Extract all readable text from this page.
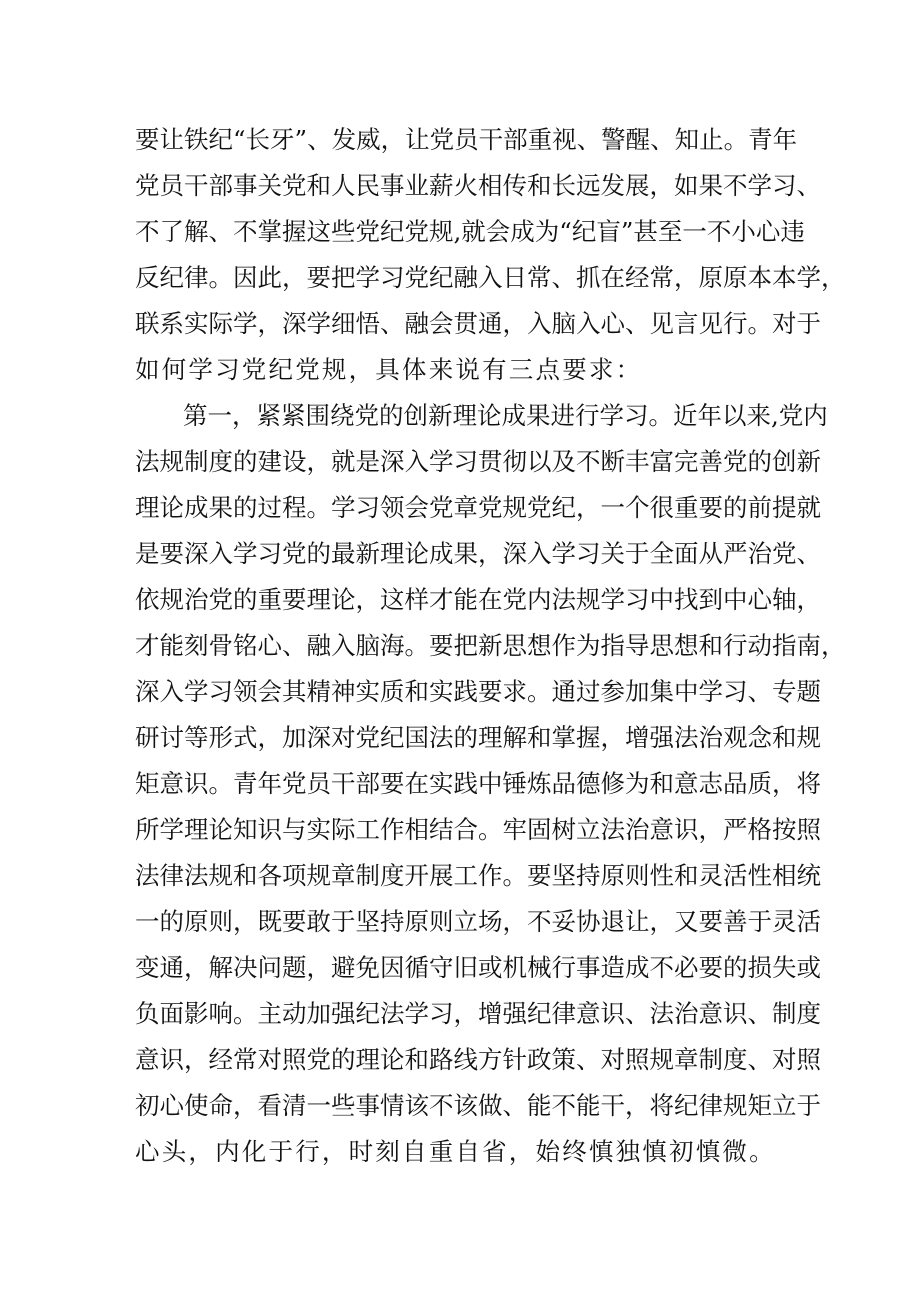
要 让 铁 纪 “ 长 牙 ” 、 发 威 ， 让 党 员 干 部 重 视 、 警 醒 、 知 止 。 青 年
党 员 干 部 事 关 党 和 人 民 事 业 薪 火 相 传 和 长 远 发 展 ， 如 果 不 学 习 、
不 了 解 、 不 掌 握 这 些 党 纪 党 规 , 就 会 成 为 “ 纪 盲 ” 甚 至 一 不 小 心 违
反 纪 律 。 因 此 ， 要 把 学 习 党 纪 融 入 日 常 、 抓 在 经 常 ， 原 原 本 本 学 ，
联 系 实 际 学 ， 深 学 细 悟 、 融 会 贯 通 ， 入 脑 入 心 、 见 言 见 行 。 对 于
如何学习党纪党规，具体来说有三点要求：
第 一 ， 紧 紧 围 绕 党 的 创 新 理 论 成 果 进 行 学 习 。 近 年 以 来 , 党 内
法 规 制 度 的 建 设 ， 就 是 深 入 学 习 贯 彻 以 及 不 断 丰 富 完 善 党 的 创 新
理 论 成 果 的 过 程 。 学 习 领 会 党 章 党 规 党 纪 ， 一 个 很 重 要 的 前 提 就
是 要 深 入 学 习 党 的 最 新 理 论 成 果 ， 深 入 学 习 关 于 全 面 从 严 治 党 、
依 规 治 党 的 重 要 理 论 ， 这 样 才 能 在 党 内 法 规 学 习 中 找 到 中 心 轴 ，
才 能 刻 骨 铭 心 、 融 入 脑 海 。 要 把 新 思 想 作 为 指 导 思 想 和 行 动 指 南 ，
深 入 学 习 领 会 其 精 神 实 质 和 实 践 要 求 。 通 过 参 加 集 中 学 习 、 专 题
研 讨 等 形 式 ， 加 深 对 党 纪 国 法 的 理 解 和 掌 握 ， 增 强 法 治 观 念 和 规
矩 意 识 。 青 年 党 员 干 部 要 在 实 践 中 锤 炼 品 德 修 为 和 意 志 品 质 ， 将
所 学 理 论 知 识 与 实 际 工 作 相 结 合 。 牢 固 树 立 法 治 意 识 ， 严 格 按 照
法 律 法 规 和 各 项 规 章 制 度 开 展 工 作 。 要 坚 持 原 则 性 和 灵 活 性 相 统
一 的 原 则 ， 既 要 敢 于 坚 持 原 则 立 场 ， 不 妥 协 退 让 ， 又 要 善 于 灵 活
变 通 ， 解 决 问 题 ， 避 免 因 循 守 旧 或 机 械 行 事 造 成 不 必 要 的 损 失 或
负 面 影 响 。 主 动 加 强 纪 法 学 习 ， 增 强 纪 律 意 识 、 法 治 意 识 、 制 度
意 识 ， 经 常 对 照 党 的 理 论 和 路 线 方 针 政 策 、 对 照 规 章 制 度 、 对 照
初 心 使 命 ， 看 清 一 些 事 情 该 不 该 做 、 能 不 能 干 ， 将 纪 律 规 矩 立 于
心头，内化于行，时刻自重自省，始终慎独慎初慎微。
